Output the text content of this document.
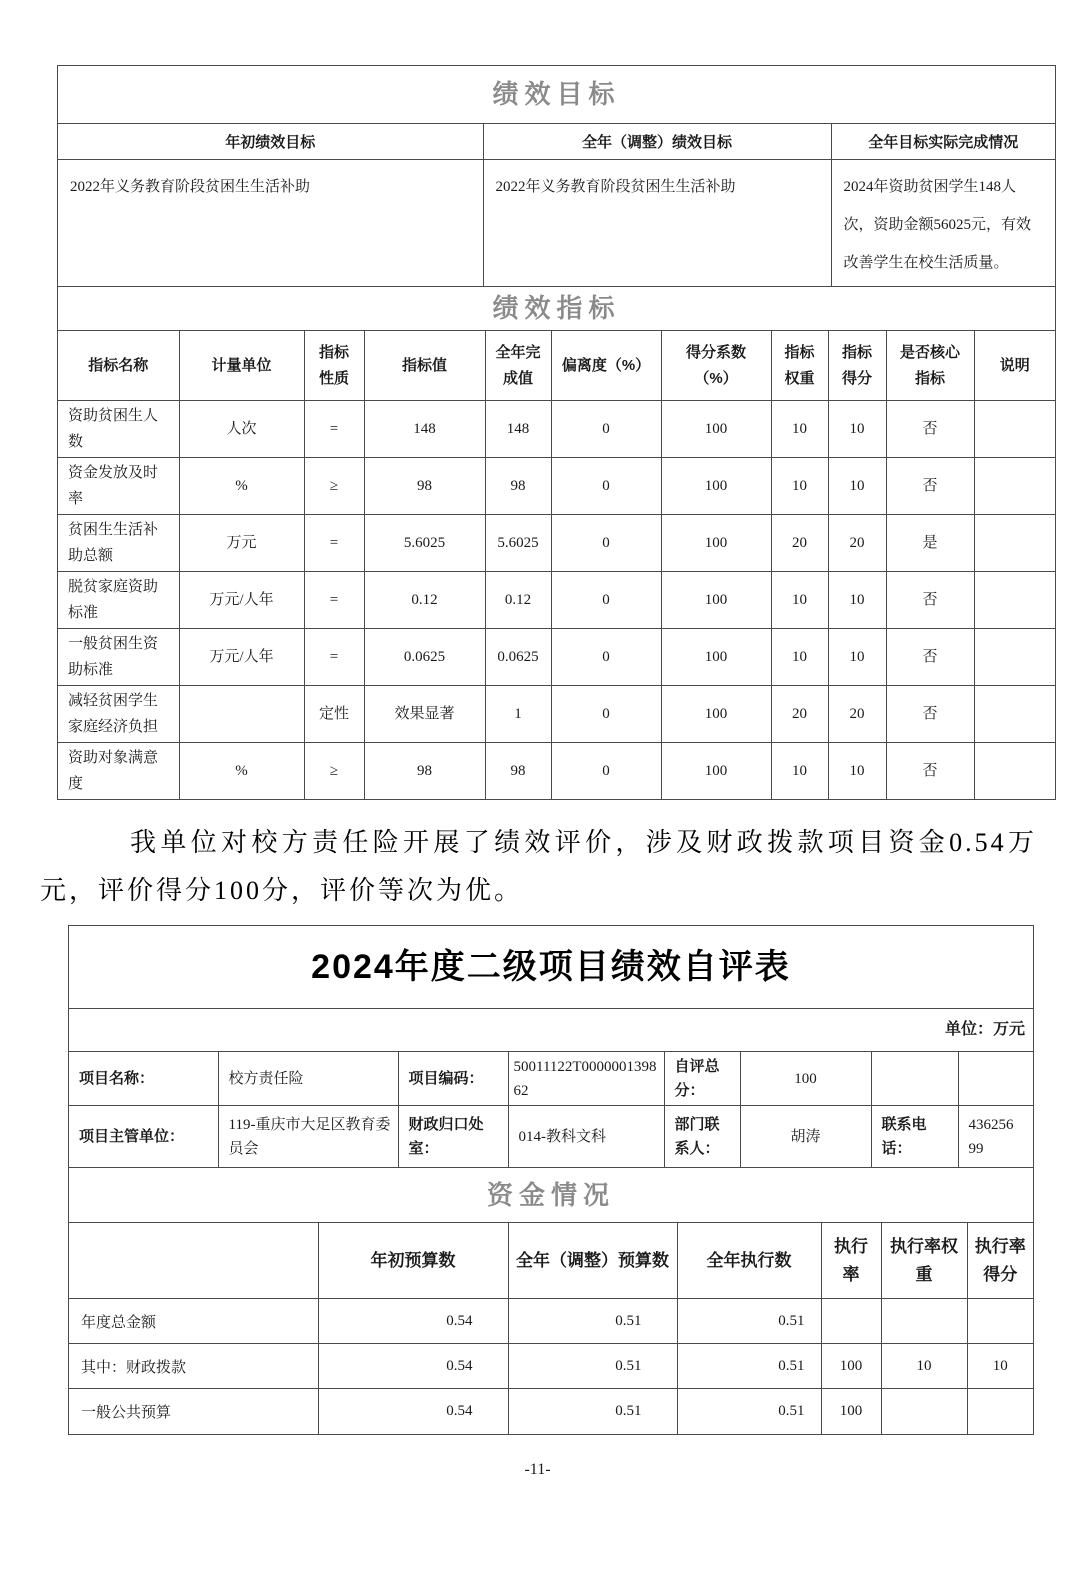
绩效目标
年初绩效目标	全年（调整）绩效目标	全年目标实际完成情况
2022年义务教育阶段贫困生生活补助	2022年义务教育阶段贫困生生活补助	2024年资助贫困学生148人次，资助金额56025元，有效改善学生在校生活质量。
绩效指标
指标名称	计量单位	指标性质	指标值	全年完成值	偏离度（%）	得分系数（%）	指标权重	指标得分	是否核心指标	说明
资助贫困生人数	人次	=	148	148	0	100	10	10	否	
资金发放及时率	%	≥	98	98	0	100	10	10	否	
贫困生生活补助总额	万元	=	5.6025	5.6025	0	100	20	20	是	
脱贫家庭资助标准	万元/人年	=	0.12	0.12	0	100	10	10	否	
一般贫困生资助标准	万元/人年	=	0.0625	0.0625	0	100	10	10	否	
减轻贫困学生家庭经济负担		定性	效果显著	1	0	100	20	20	否	
资助对象满意度	%	≥	98	98	0	100	10	10	否	

我单位对校方责任险开展了绩效评价，涉及财政拨款项目资金0.54万元，评价得分100分，评价等次为优。

2024年度二级项目绩效自评表
单位：万元
项目名称：	校方责任险	项目编码：	50011122T000000139862	自评总分：	100		
项目主管单位：	119-重庆市大足区教育委员会	财政归口处室：	014-教科文科	部门联系人：	胡涛	联系电话：	43625699
资金情况
	年初预算数	全年（调整）预算数	全年执行数	执行率	执行率权重	执行率得分
年度总金额	0.54	0.51	0.51			
其中：财政拨款	0.54	0.51	0.51	100	10	10
一般公共预算	0.54	0.51	0.51	100		
-11-
